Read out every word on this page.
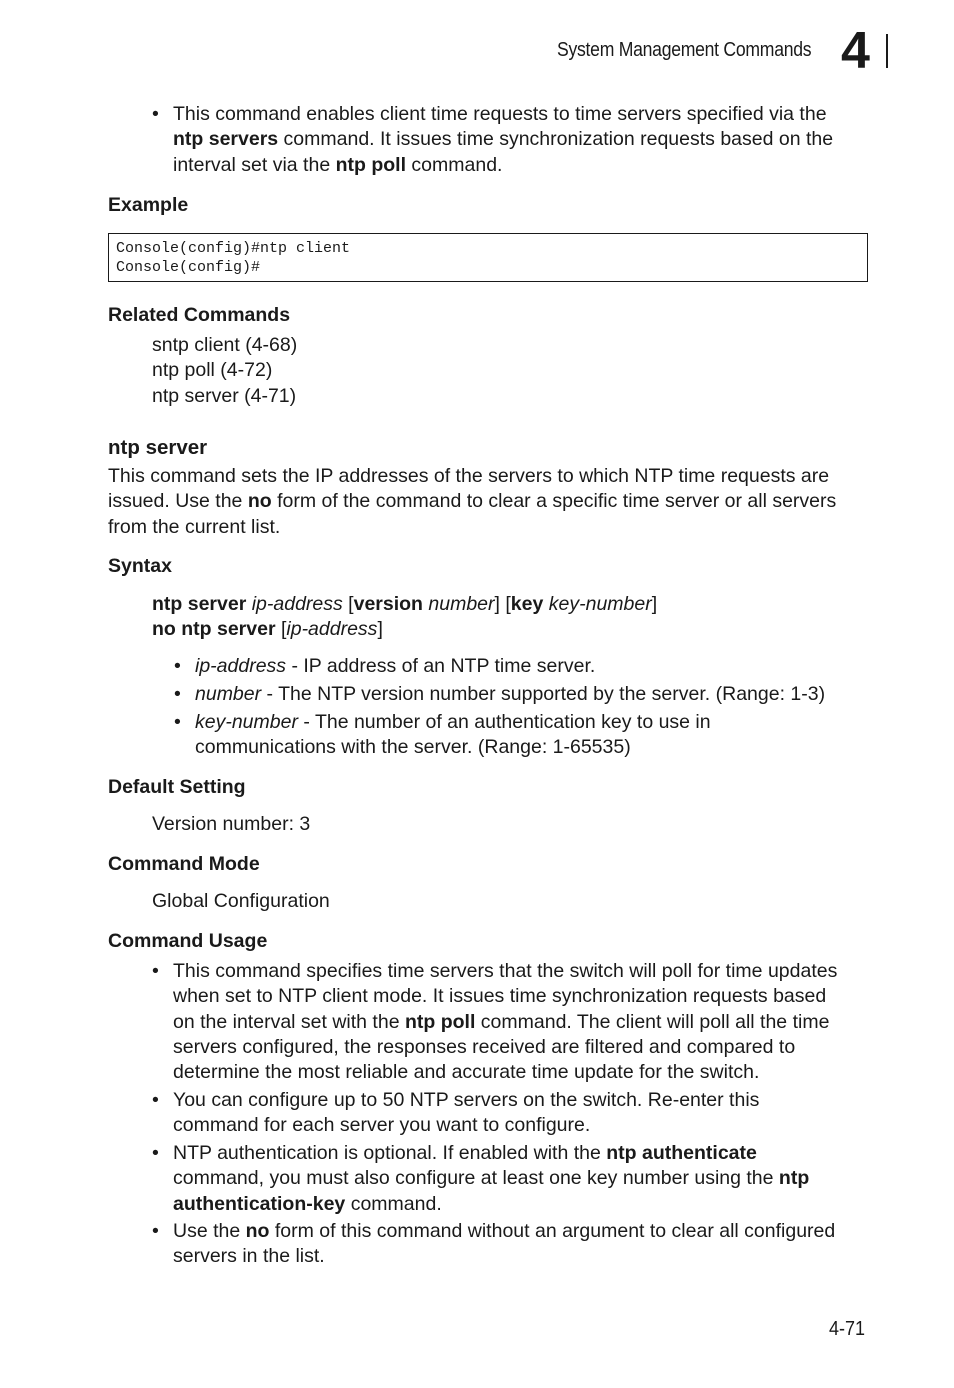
System Management Commands 4
• This command enables client time requests to time servers specified via the

ntp servers command. It issues time synchronization requests based on the

interval set via the ntp poll command.

Example
Console(config)#ntp client
Console(config)#
Related Commands

sntp client (4-68)

ntp poll (4-72)

ntp server (4-71)

ntp server

This command sets the IP addresses of the servers to which NTP time requests are

issued. Use the no form of the command to clear a specific time server or all servers

from the current list.

Syntax

ntp server ip-address [version number] [key key-number]

no ntp server [ip-address]

• ip-address - IP address of an NTP time server.

• number - The NTP version number supported by the server. (Range: 1-3)

• key-number - The number of an authentication key to use in

communications with the server. (Range: 1-65535)

Default Setting
Version number: 3
Command Mode
Global Configuration
Command Usage
• This command specifies time servers that the switch will poll for time updates

when set to NTP client mode. It issues time synchronization requests based

on the interval set with the ntp poll command. The client will poll all the time

servers configured, the responses received are filtered and compared to

determine the most reliable and accurate time update for the switch.

• You can configure up to 50 NTP servers on the switch. Re-enter this

command for each server you want to configure.

• NTP authentication is optional. If enabled with the ntp authenticate

command, you must also configure at least one key number using the ntp

authentication-key command.

• Use the no form of this command without an argument to clear all configured

servers in the list.

4-71
